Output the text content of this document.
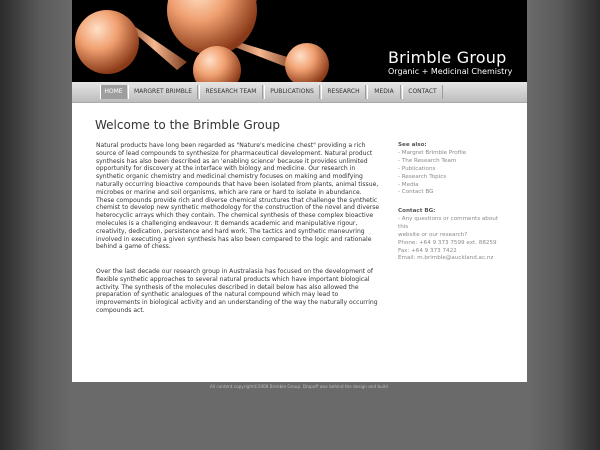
Brimble Group
Organic + Medicinal Chemistry
HOME	MARGRET BRIMBLE	RESEARCH TEAM	PUBLICATIONS	RESEARCH	MEDIA	CONTACT
Welcome to the Brimble Group

Natural products have long been regarded as "Nature's medicine chest" providing a rich source of lead compounds to synthesize for pharmaceutical development. Natural product synthesis has also been described as an 'enabling science' because it provides unlimited opportunity for discovery at the interface with biology and medicine. Our research in synthetic organic chemistry and medicinal chemistry focuses on making and modifying naturally occurring bioactive compounds that have been isolated from plants, animal tissue, microbes or marine and soil organisms, which are rare or hard to isolate in abundance. These compounds provide rich and diverse chemical structures that challenge the synthetic chemist to develop new synthetic methodology for the construction of the novel and diverse heterocyclic arrays which they contain. The chemical synthesis of these complex bioactive molecules is a challenging endeavour. It demands academic and manipulative rigour, creativity, dedication, persistence and hard work. The tactics and synthetic maneuvring involved in executing a given synthesis has also been compared to the logic and rationale behind a game of chess.

Over the last decade our research group in Australasia has focused on the development of flexible synthetic approaches to several natural products which have important biological activity. The synthesis of the molecules described in detail below has also allowed the preparation of synthetic analogues of the natural compound which may lead to improvements in biological activity and an understanding of the way the naturally occurring compounds act.

See also:
- Margret Brimble Profile
- The Research Team
- Publications
- Research Topics
- Media
- Contact BG
Contact BG:
- Any questions or comments about this
website or our research?
Phone: +64 9 373 7599 ext. 88259
Fax: +64 9 373 7422
Email: m.brimble@auckland.ac.nz
All content copyright©2008 Brimble Group. Dropoff was behind the design and build.
